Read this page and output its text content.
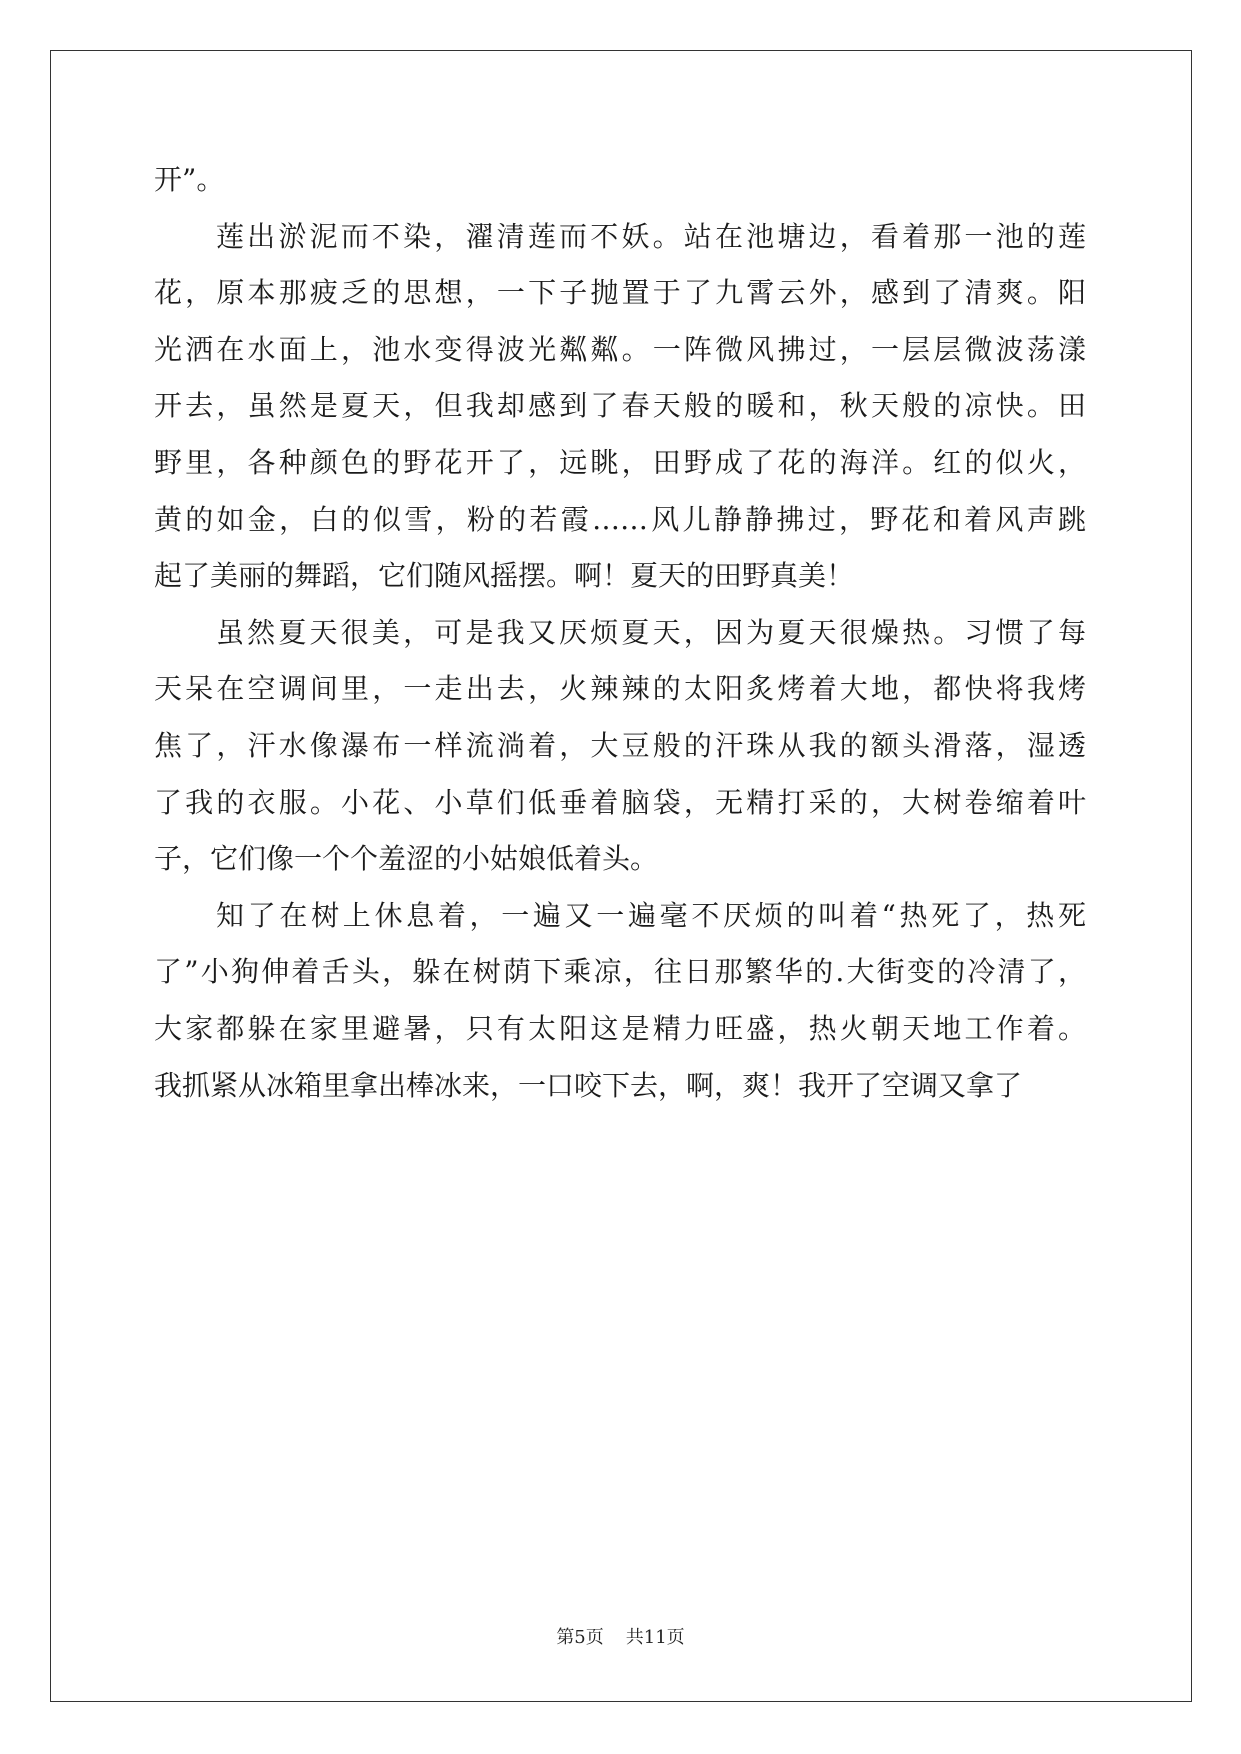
开”。
莲出淤泥而不染，濯清莲而不妖。站在池塘边，看着那一池的莲
花，原本那疲乏的思想，一下子抛置于了九霄云外，感到了清爽。阳
光洒在水面上，池水变得波光粼粼。一阵微风拂过，一层层微波荡漾
开去，虽然是夏天，但我却感到了春天般的暖和，秋天般的凉快。田
野里，各种颜色的野花开了，远眺，田野成了花的海洋。红的似火，
黄的如金，白的似雪，粉的若霞……风儿静静拂过，野花和着风声跳
起了美丽的舞蹈，它们随风摇摆。啊！夏天的田野真美！
虽然夏天很美，可是我又厌烦夏天，因为夏天很燥热。习惯了每
天呆在空调间里，一走出去，火辣辣的太阳炙烤着大地，都快将我烤
焦了，汗水像瀑布一样流淌着，大豆般的汗珠从我的额头滑落，湿透
了我的衣服。小花、小草们低垂着脑袋，无精打采的，大树卷缩着叶
子，它们像一个个羞涩的小姑娘低着头。
知了在树上休息着，一遍又一遍毫不厌烦的叫着“热死了，热死
了”小狗伸着舌头，躲在树荫下乘凉，往日那繁华的.大街变的冷清了，
大家都躲在家里避暑，只有太阳这是精力旺盛，热火朝天地工作着。
我抓紧从冰箱里拿出棒冰来，一口咬下去，啊，爽！我开了空调又拿了
第5页 共11页
